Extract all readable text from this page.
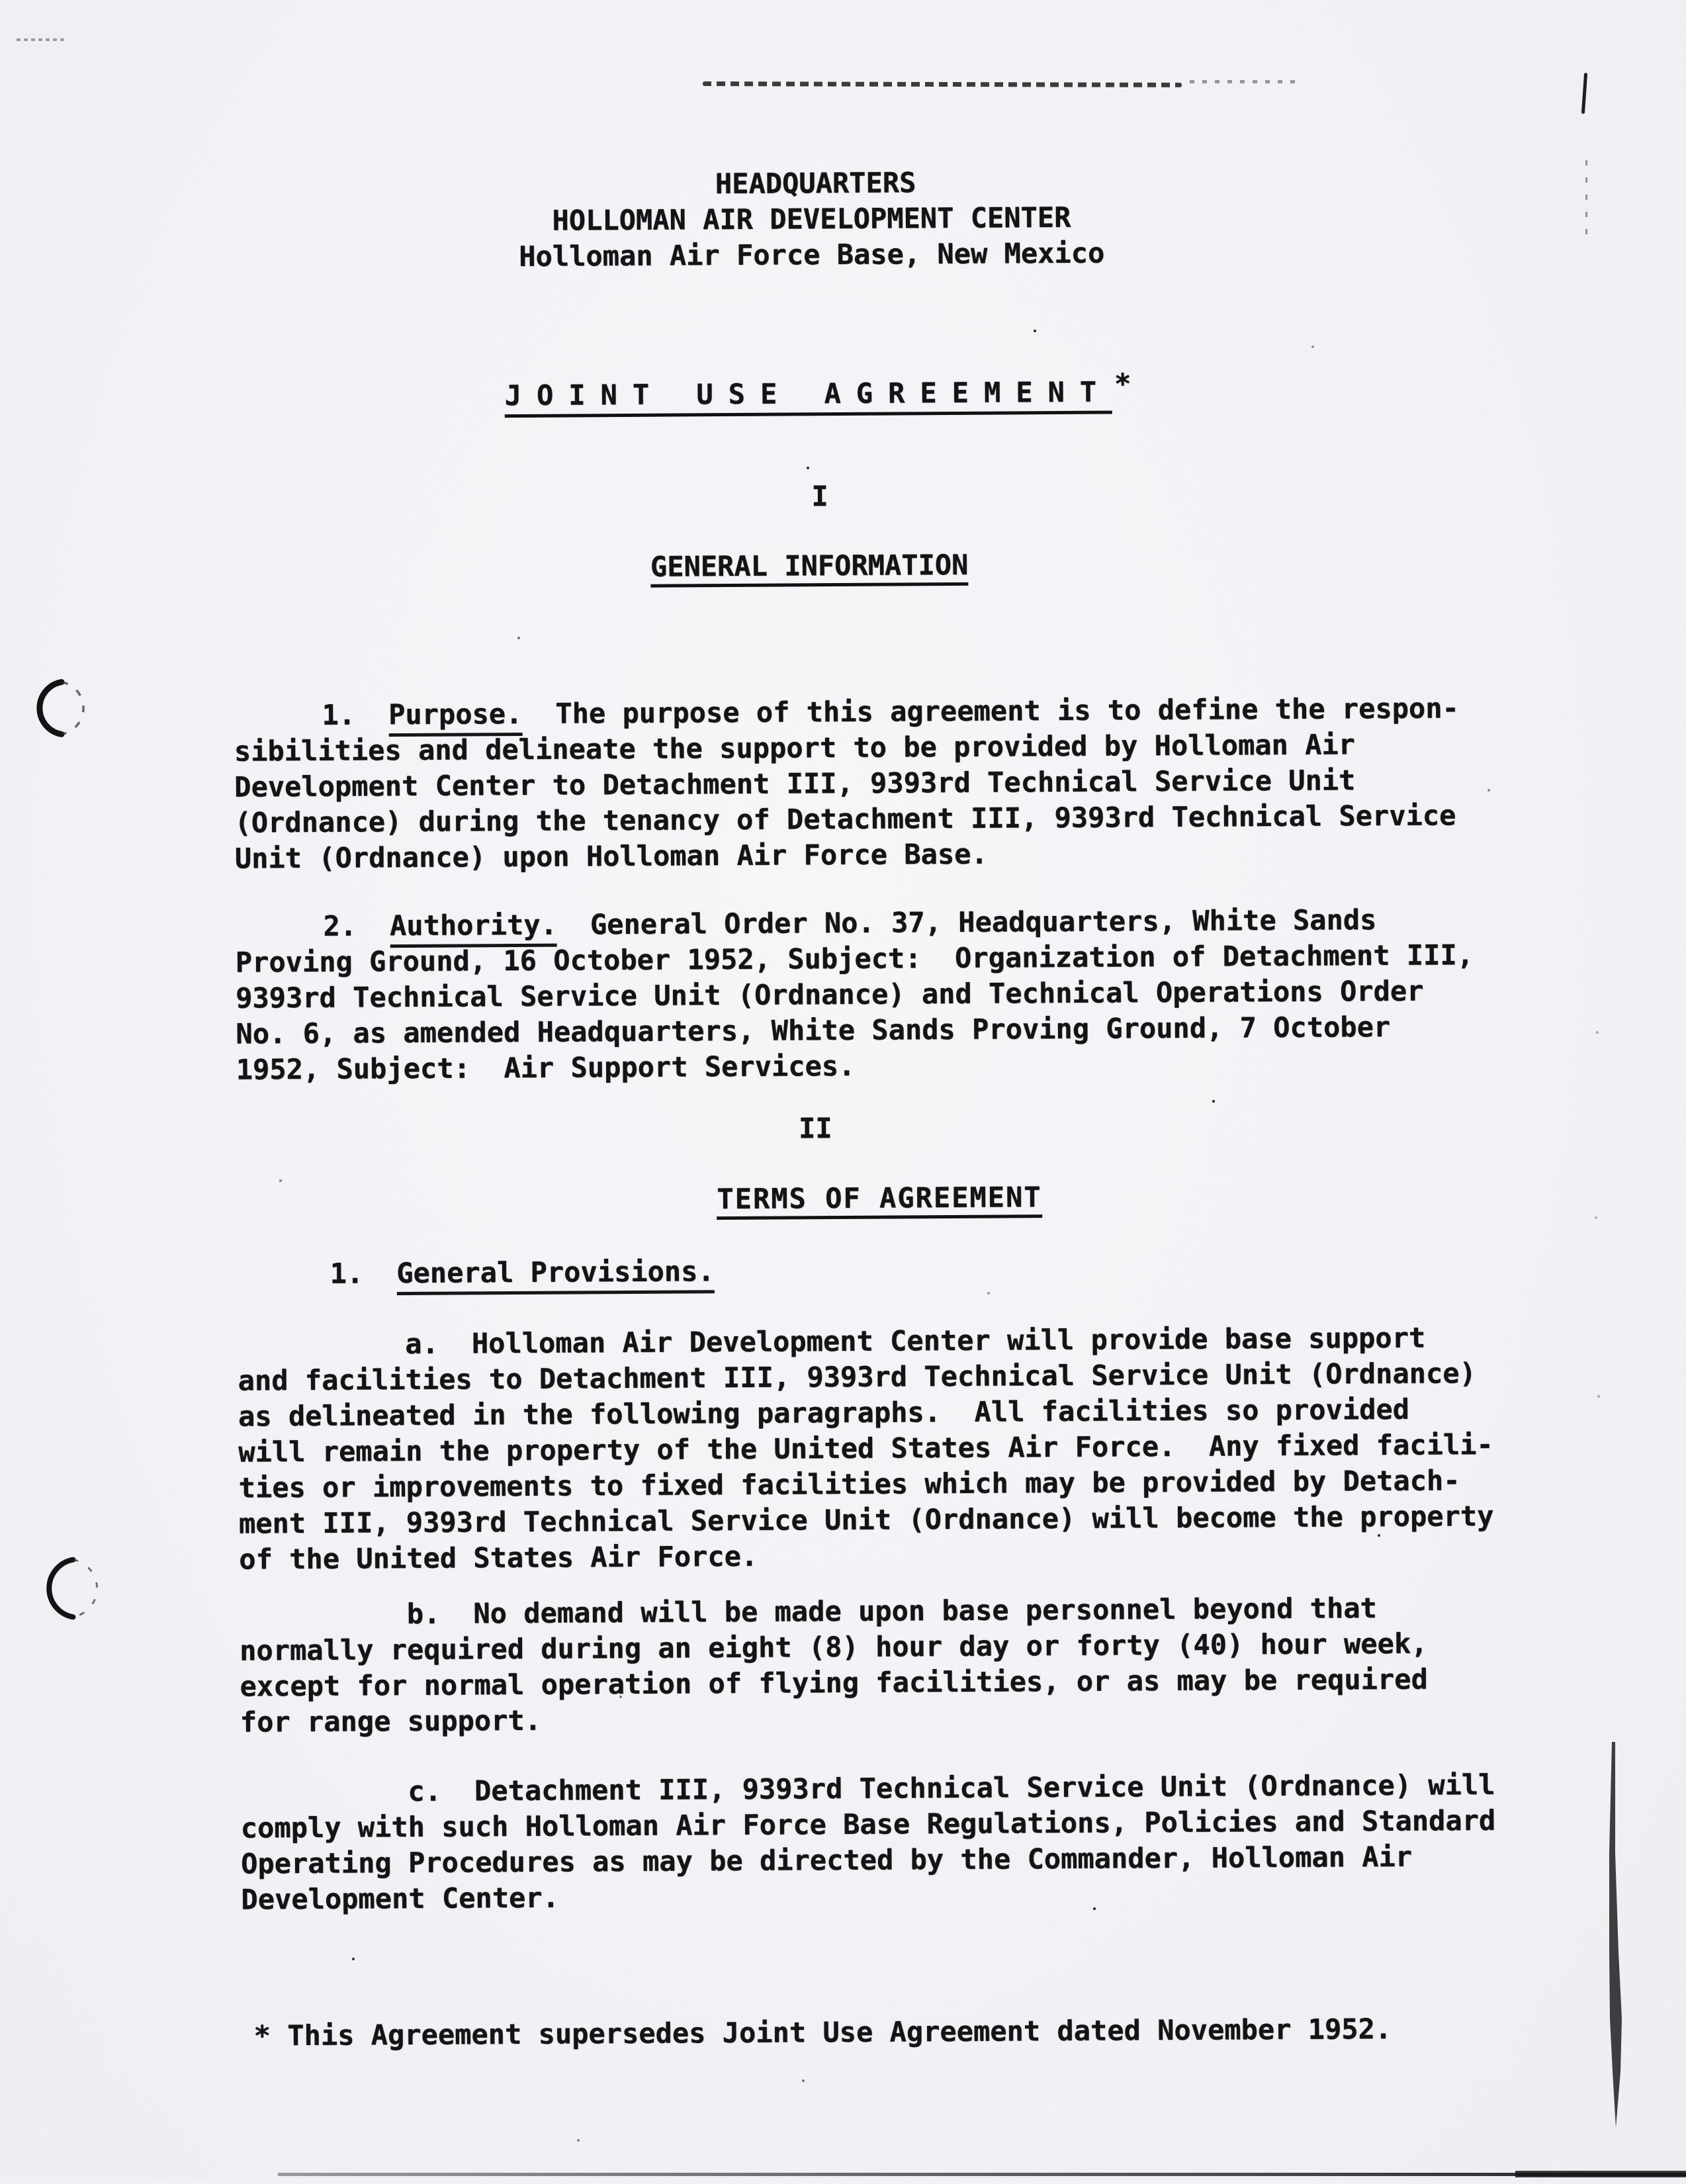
HEADQUARTERS
HOLLOMAN AIR DEVELOPMENT CENTER
Holloman Air Force Base, New Mexico
JOINT USE AGREEMENT*
I
GENERAL INFORMATION
1. Purpose. The purpose of this agreement is to define the respon-
sibilities and delineate the support to be provided by Holloman Air
Development Center to Detachment III, 9393rd Technical Service Unit
(Ordnance) during the tenancy of Detachment III, 9393rd Technical Service
Unit (Ordnance) upon Holloman Air Force Base.
2. Authority. General Order No. 37, Headquarters, White Sands
Proving Ground, 16 October 1952, Subject:  Organization of Detachment III,
9393rd Technical Service Unit (Ordnance) and Technical Operations Order
No. 6, as amended Headquarters, White Sands Proving Ground, 7 October
1952, Subject:  Air Support Services.
II
TERMS OF AGREEMENT
1. General Provisions.
a. Holloman Air Development Center will provide base support
and facilities to Detachment III, 9393rd Technical Service Unit (Ordnance)
as delineated in the following paragraphs.  All facilities so provided
will remain the property of the United States Air Force.  Any fixed facili-
ties or improvements to fixed facilities which may be provided by Detach-
ment III, 9393rd Technical Service Unit (Ordnance) will become the property
of the United States Air Force.
b. No demand will be made upon base personnel beyond that
normally required during an eight (8) hour day or forty (40) hour week,
except for normal operation of flying facilities, or as may be required
for range support.
c. Detachment III, 9393rd Technical Service Unit (Ordnance) will
comply with such Holloman Air Force Base Regulations, Policies and Standard
Operating Procedures as may be directed by the Commander, Holloman Air
Development Center.
* This Agreement supersedes Joint Use Agreement dated November 1952.
